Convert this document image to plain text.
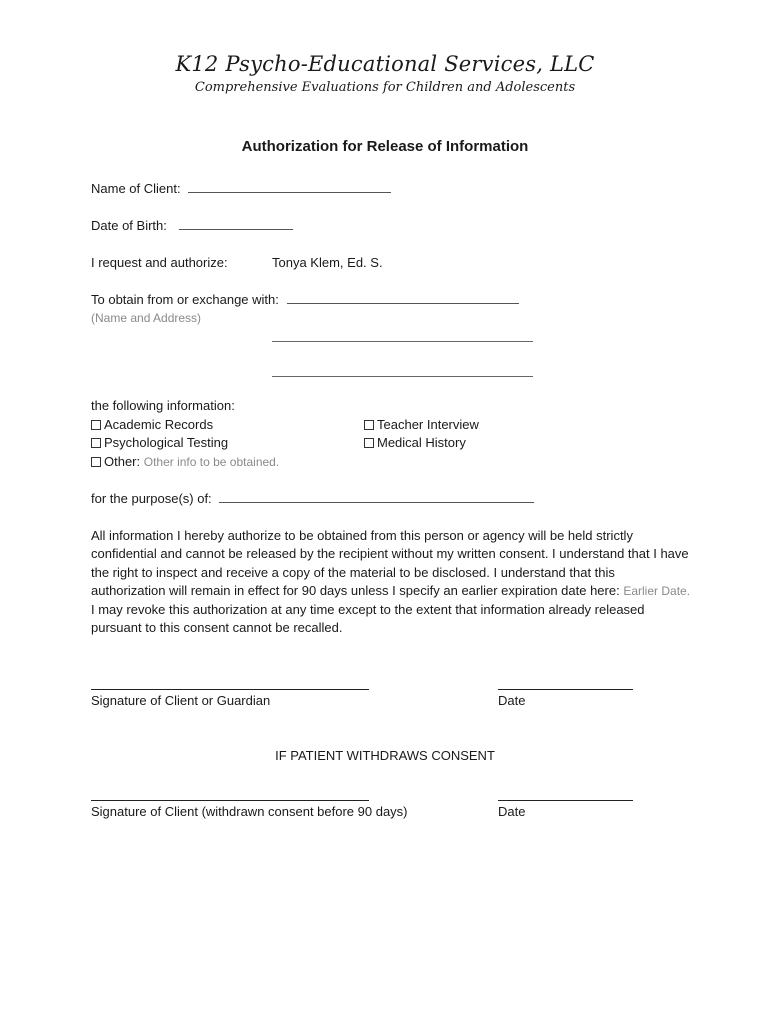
K12 Psycho-Educational Services, LLC
Comprehensive Evaluations for Children and Adolescents
Authorization for Release of Information
Name of Client:
Date of Birth:
I request and authorize:	Tonya Klem, Ed. S.
To obtain from or exchange with:
(Name and Address)
the following information:
Academic Records
Psychological Testing
Other: Other info to be obtained.
Teacher Interview
Medical History
for the purpose(s) of:
All information I hereby authorize to be obtained from this person or agency will be held strictly confidential and cannot be released by the recipient without my written consent. I understand that I have the right to inspect and receive a copy of the material to be disclosed. I understand that this authorization will remain in effect for 90 days unless I specify an earlier expiration date here: Earlier Date. I may revoke this authorization at any time except to the extent that information already released pursuant to this consent cannot be recalled.
Signature of Client or Guardian	Date
IF PATIENT WITHDRAWS CONSENT
Signature of Client (withdrawn consent before 90 days)	Date
